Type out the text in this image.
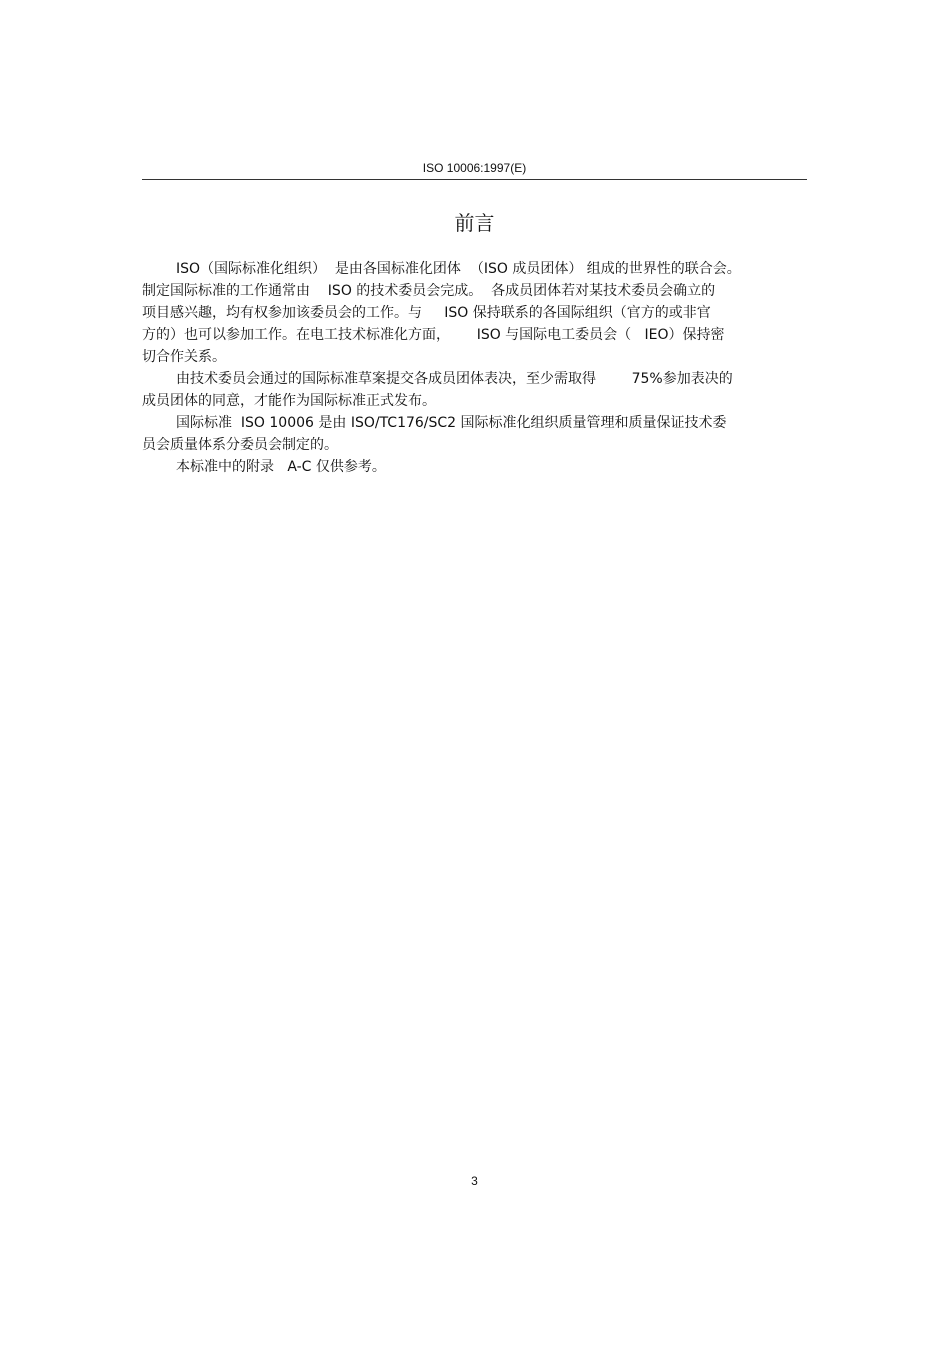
ISO 10006:1997(E)
前言
ISO（国际标准化组织）  是由各国标准化团体  （ISO 成员团体） 组成的世界性的联合会。
制定国际标准的工作通常由    ISO 的技术委员会完成。  各成员团体若对某技术委员会确立的
项目感兴趣，均有权参加该委员会的工作。与     ISO 保持联系的各国际组织（官方的或非官
方的）也可以参加工作。在电工技术标准化方面，      ISO 与国际电工委员会（   IEO）保持密
切合作关系。
由技术委员会通过的国际标准草案提交各成员团体表决，至少需取得        75%参加表决的
成员团体的同意，才能作为国际标准正式发布。
国际标准  ISO 10006 是由 ISO/TC176/SC2 国际标准化组织质量管理和质量保证技术委
员会质量体系分委员会制定的。
本标准中的附录   A-C 仅供参考。
3
